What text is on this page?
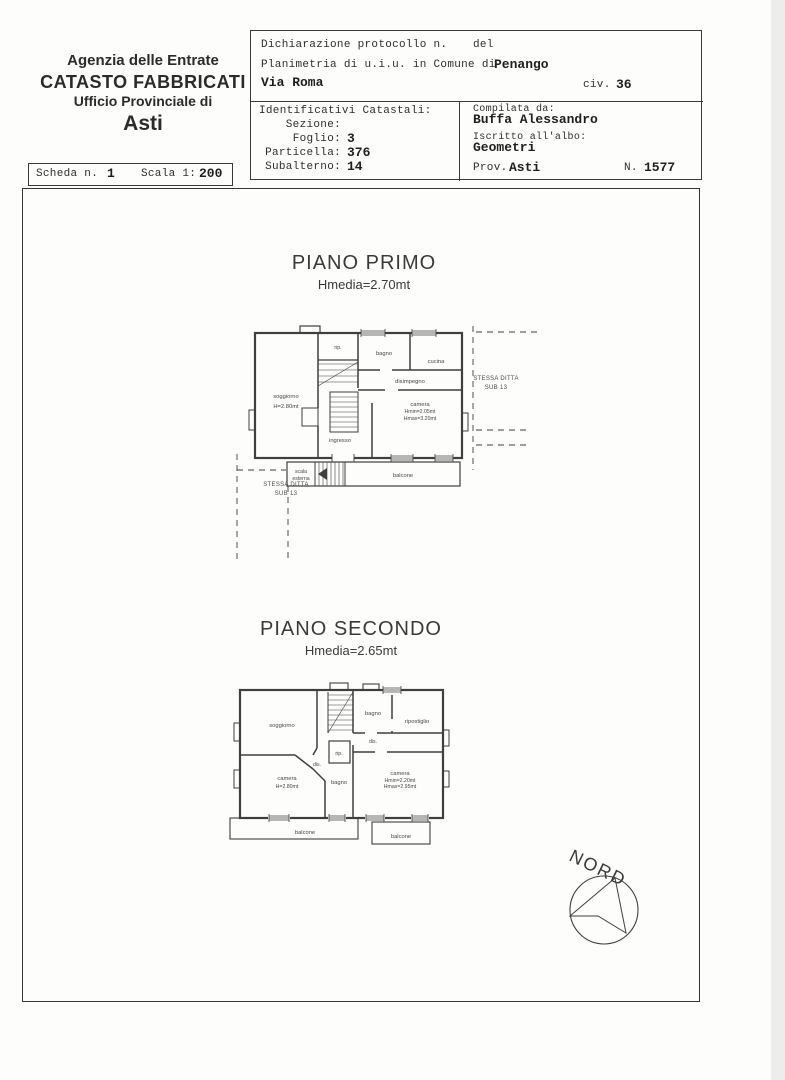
Agenzia delle Entrate
CATASTO FABBRICATI
Ufficio Provinciale di
Asti
Scheda n. 1 Scala 1: 200
Dichiarazione protocollo n. del
Planimetria di u.i.u. in Comune di
Penango
Via Roma	civ. 36
Identificativi Catastali:
Sezione:
Foglio: 3
Particella: 376
Subalterno: 14
Compilata da:
Buffa Alessandro
Iscritto all'albo:
Geometri
Prov. Asti	N. 1577
PIANO PRIMO
Hmedia=2.70mt
rip.
bagno
cucina
disimpegno
soggiorno
H=2.80mt	camera
Hmin=2.05mt
Hmax=3.20mt
ingresso
scala
esterna	balcone
STESSA DITTA
SUB 13
STESSA DITTA
SUB 13
PIANO SECONDO
Hmedia=2.65mt
soggiorno
bagno
ripostiglio
dis.
rip.
dis.
camera
H=2.80mt
bagno
camera
Hmin=2.20mt
Hmax=2.95mt
balcone
balcone
NORD
